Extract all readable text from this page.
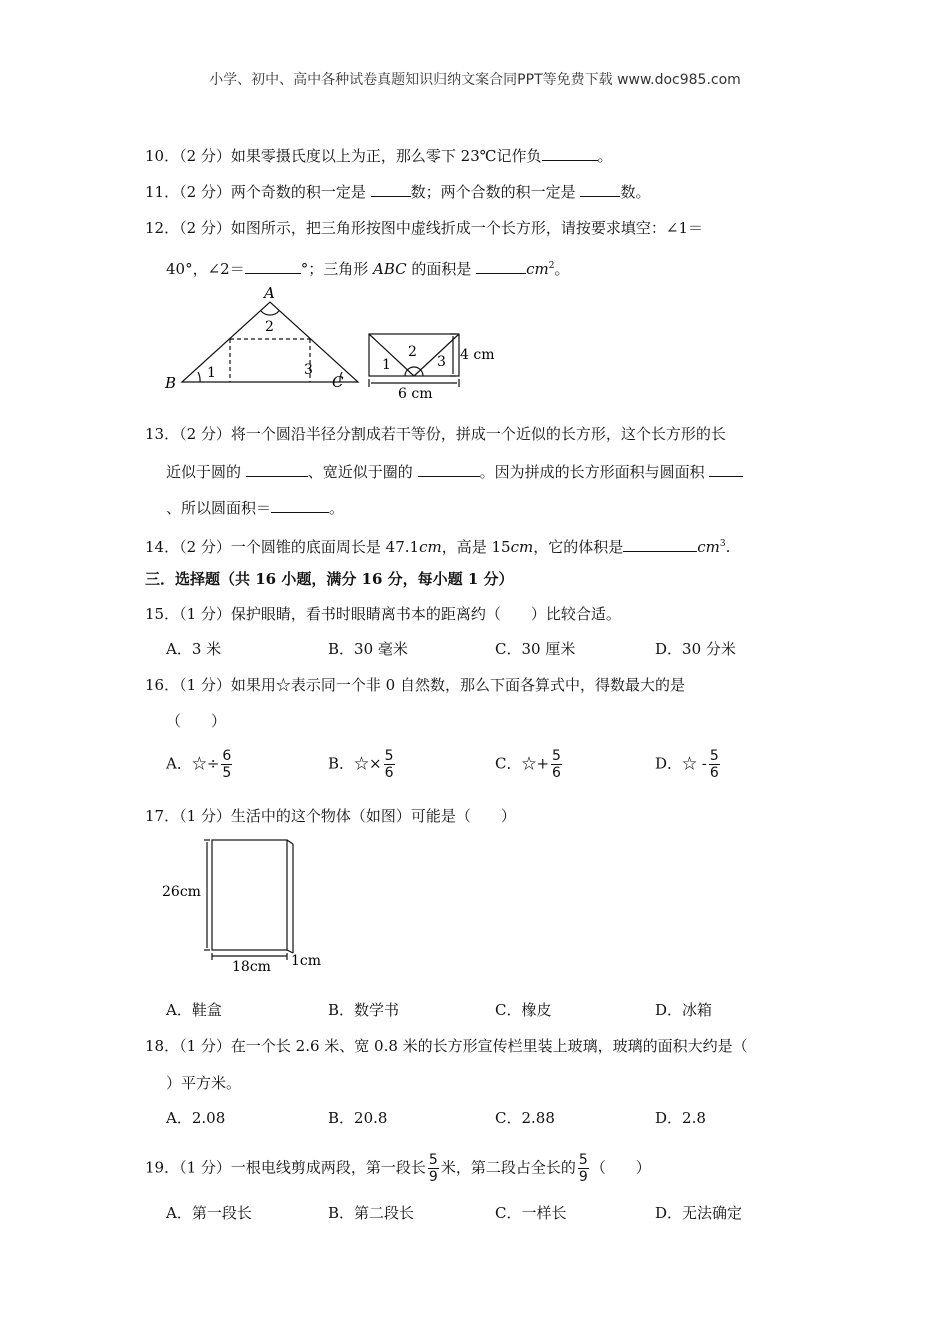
小学、初中、高中各种试卷真题知识归纳文案合同PPT等免费下载 www.doc985.com
10．（2 分）如果零摄氏度以上为正，那么零下 23℃记作负	。
11．（2 分）两个奇数的积一定是	数；两个合数的积一定是	数。
12．（2 分）如图所示，把三角形按图中虚线折成一个长方形，请按要求填空：∠1＝
40°，∠2＝	°；三角形 ABC 的面积是	$cm^2$。
A
B	C
1
2
3	1
2
3 4 cm
6 cm
13．（2 分）将一个圆沿半径分割成若干等份，拼成一个近似的长方形，这个长方形的长
近似于圆的	、宽近似于圈的	。因为拼成的长方形面积与圆面积
、所以圆面积＝	。
14．（2 分）一个圆锥的底面周长是 47.1cm，高是 15cm，它的体积是	$cm^3$.
三．选择题（共 16 小题，满分 16 分，每小题 1 分）
15．（1 分）保护眼睛，看书时眼睛离书本的距离约（　　）比较合适。
A．3 米	B．30 毫米	C．30 厘米	D．30 分米
16．（1 分）如果用☆表示同一个非 0 自然数，那么下面各算式中，得数最大的是
（　　）
A．☆÷ $\frac{6}{5}$	B．☆× $\frac{5}{6}$	C．☆+ $\frac{5}{6}$	D．☆ - $\frac{5}{6}$
17．（1 分）生活中的这个物体（如图）可能是（　　）
26cm
18cm 1cm
A．鞋盒	B．数学书	C．橡皮	D．冰箱
18．（1 分）在一个长 2.6 米、宽 0.8 米的长方形宣传栏里装上玻璃，玻璃的面积大约是（
）平方米。
A．2.08	B．20.8	C．2.88	D．2.8
19．（1 分）一根电线剪成两段，第一段长 $\frac{5}{9}$ 米，第二段占全长的 $\frac{5}{9}$ （　　）
A．第一段长	B．第二段长	C．一样长	D．无法确定
